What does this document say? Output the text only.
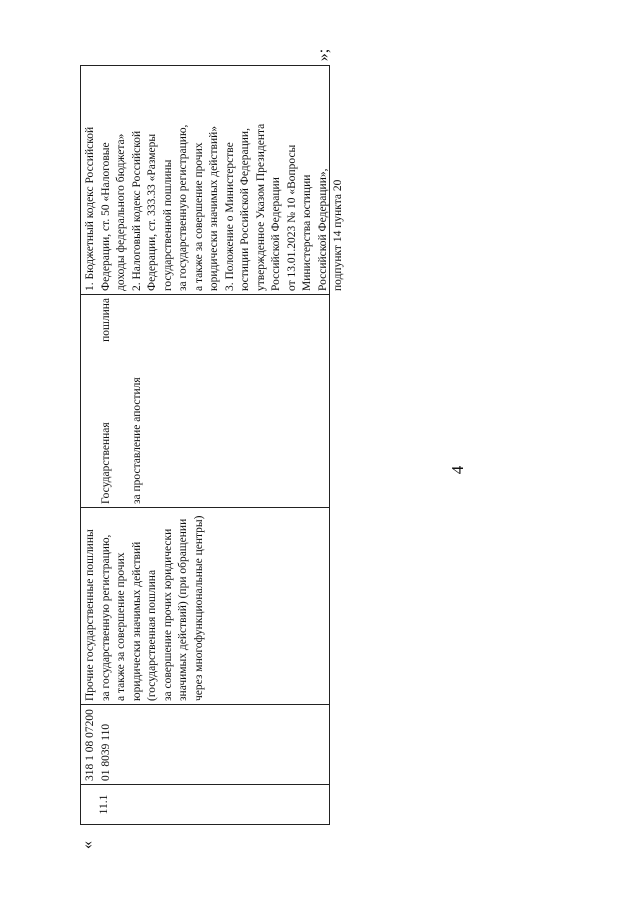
4
«
»;
11.1
318 1 08 07200
01 8039 110
Прочие государственные пошлины
за государственную регистрацию,
а также за совершение прочих
юридически значимых действий
(государственная пошлина
за совершение прочих юридически
значимых действий) (при обращении
через многофункциональные центры)

Государственная пошлина за проставление апостиля

1. Бюджетный кодекс Российской
Федерации, ст. 50 «Налоговые
доходы федерального бюджета»
2. Налоговый кодекс Российской
Федерации, ст. 333.33 «Размеры
государственной пошлины
за государственную регистрацию,
а также за совершение прочих
юридически значимых действий»
3. Положение о Министерстве
юстиции Российской Федерации,
утвержденное Указом Президента
Российской Федерации
от 13.01.2023 № 10 «Вопросы
Министерства юстиции
Российской Федерации»,
подпункт 14 пункта 20
